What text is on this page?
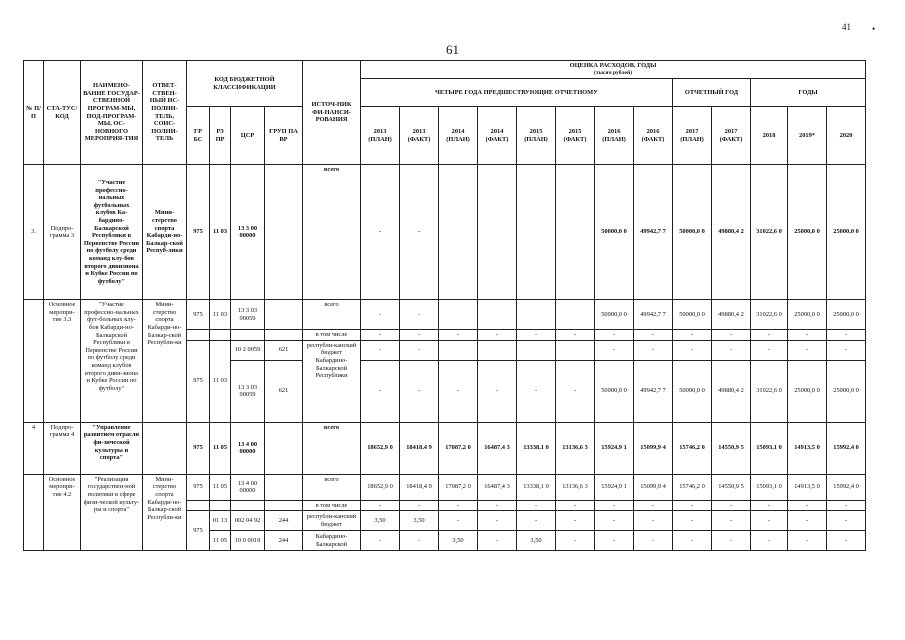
41 •
61
№ П/П	СТА-ТУС/КОД	НАИМЕНО-ВАНИЕ ГОСУДАР-СТВЕННОЙ ПРОГРАМ-МЫ, ПОД-ПРОГРАМ-МЫ, ОС-НОВНОГО МЕРОПРИЯ-ТИЯ	ОТВЕТ-СТВЕН-НЫЙ ИС-ПОЛНИ-ТЕЛЬ, СОИС-ПОЛНИ-ТЕЛЬ	КОД БЮДЖЕТНОЙ КЛАССИФИКАЦИИ				ИСТОЧ-НИК ФИ-НАНСИ-РОВАНИЯ	ОЦЕНКА РАСХОДОВ, ГОДЫ
(тысяч рублей)												

									ЧЕТЫРЕ ГОДА ПРЕДШЕСТВУЮЩИЕ ОТЧЕТНОМУ								ОТЧЕТНЫЙ ГОД		ГОДЫ		
				ГР БС	РЗ ПР	ЦСР	ГРУП ПА ВР		2013 (ПЛАН)	2013 (ФАКТ)	2014 (ПЛАН)	2014 (ФАКТ)	2015 (ПЛАН)	2015 (ФАКТ)	2016 (ПЛАН)	2016 (ФАКТ)	2017 (ПЛАН)	2017 (ФАКТ)	2018	2019*	2020
3.	Подпро-грамма 3	"Участие профессио-нальных футбольных клубов Ка-бардино-Балкарской Республики в Первенстве России по футболу среди команд клу-бов второго дивизиона и Кубке России по футболу"	Мини-стерство спорта Кабарди-но-Балкар-ской Респуб-лики	975	11 03	13 3 00 00000		всего	-	-					50000,0 0	49942,7 7	50000,0 0	49880,4 2	31022,6 0	25000,0 0	25000,0 0
	Основное меропри-тие 3.3	"Участие профессио-нальных фут-больных клу-бов Кабарди-но-Балкарской Республики в Первенстве России по футболу среди команд клубов второго диви-зиона и Кубке России по футболу"	Мини-стерство спорта Кабарди-но-Балкар-ской Республи-ки	975	11 03	13 3 03 90059		всего	-	-					50000,0 0	49942,7 7	50000,0 0	49880,4 2	31022,6 0	25000,0 0	25000,0 0
								в том числе	-	-	-	-	-	-	-	-	-	-	-	-	-
				975	11 03	10 2 0059	621	республи-канский бюджет Кабардино-Балкарской Республики	-	-					-	-	-	-	-	-	-
						13 3 03 90059	621		-	-	-	-	-	-	50000,0 0	49942,7 7	50000,0 0	49880,4 2	31022,6 0	25000,0 0	25000,0 0
4	Подпро-грамма 4	"Управление развитием отрасли фи-зической культуры и спорта"		975	11 05	13 4 00 00000		всего	18652,9 0	18418,4 9	17087,2 0	16487,4 3	13338,1 0	13136,6 3	15924,9 1	15099,9 4	15746,2 0	14550,9 5	15093,1 0	14913,5 0	15992,4 0
	Основное меропри-тие 4.2	"Реализация государствен-ной политики в сфере физи-ческой культу-ры и спорта"	Мини-стерство спорта Кабарди-но-Балкар-ской Республи-ки	975	11 05	13 4 00 00000		всего	18652,9 0	18418,4 9	17087,2 0	16487,4 3	13338,1 0	13136,6 3	15924,9 1	15099,9 4	15746,2 0	14550,9 5	15093,1 0	14913,5 0	15992,4 0
								в том числе	-	-	-	-	-	-	-	-	-	-	-	-	-
				975	01 13	002 04 92	244	республи-канский бюджет	3,50	3,50	-	-	-	-	-	-	-	-	-	-	-
					11 05	10 0 0019	244	Кабардино-Балкарской	-	-	3,50	-	3,50	-	-	-	-	-	-	-	-
